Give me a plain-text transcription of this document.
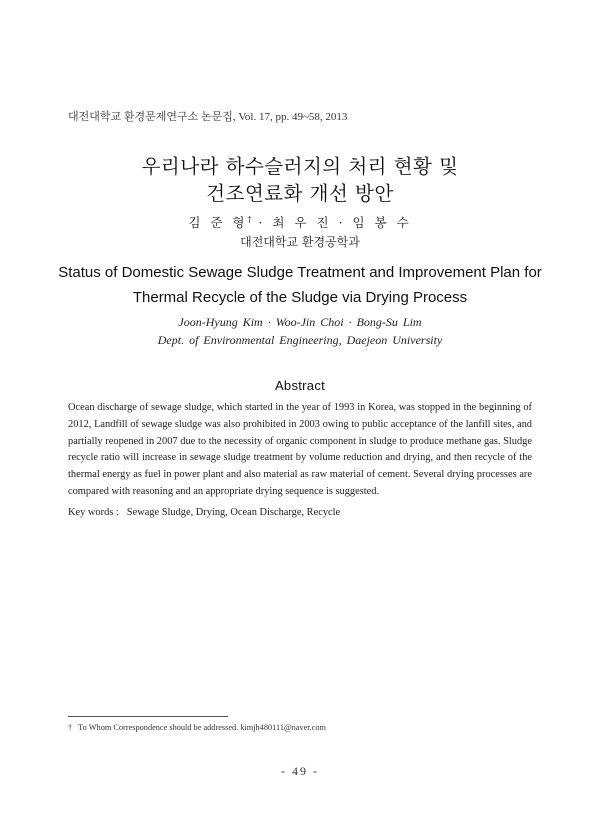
대전대학교 환경문제연구소 논문집, Vol. 17, pp. 49~58, 2013
우리나라 하수슬러지의 처리 현황 및
건조연료화 개선 방안
김 준 형† · 최 우 진 · 임 봉 수
대전대학교 환경공학과
Status of Domestic Sewage Sludge Treatment and Improvement Plan for
Thermal Recycle of the Sludge via Drying Process
Joon-Hyung Kim · Woo-Jin Choi · Bong-Su Lim
Dept. of Environmental Engineering, Daejeon University
Abstract
Ocean discharge of sewage sludge, which started in the year of 1993 in Korea, was stopped in the beginning of 2012, Landfill of sewage sludge was also prohibited in 2003 owing to public acceptance of the lanfill sites, and partially reopened in 2007 due to the necessity of organic component in sludge to produce methane gas. Sludge recycle ratio will increase in sewage sludge treatment by volume reduction and drying, and then recycle of the thermal energy as fuel in power plant and also material as raw material of cement. Several drying processes are compared with reasoning and an appropriate drying sequence is suggested.
Key words : Sewage Sludge, Drying, Ocean Discharge, Recycle
† To Whom Correspondence should be addressed. kimjh480111@naver.com
- 49 -
